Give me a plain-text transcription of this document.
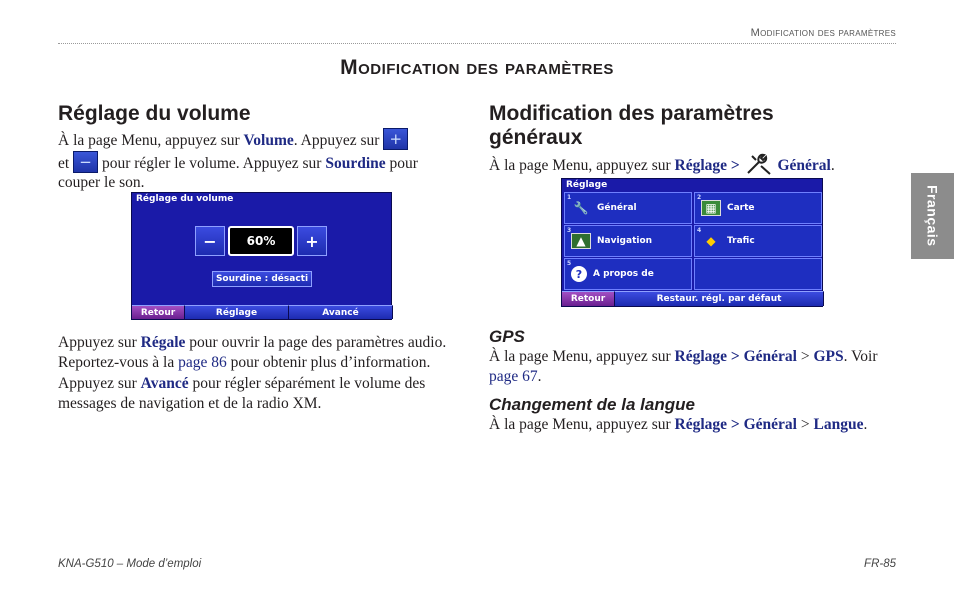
Modification des paramètres
Modification des paramètres
Français
Réglage du volume

À la page Menu, appuyez sur Volume. Appuyez sur +

et − pour régler le volume. Appuyez sur Sourdine pour couper le son.

Réglage du volume
−	60%	+
Sourdine : désacti
Retour	Réglage	Avancé

Appuyez sur Régale pour ouvrir la page des paramètres audio. Reportez-vous à la page 86 pour obtenir plus d’information.

Appuyez sur Avancé pour régler séparément le volume des messages de navigation et de la radio XM.

Modification des paramètres généraux

À la page Menu, appuyez sur Réglage > Général.

Réglage
1
🔧 Général
2
▦	Carte
3
▲	Navigation
4
◆	Trafic
5
?	A propos de
Retour	Restaur. régl. par défaut
GPS

À la page Menu, appuyez sur Réglage > Général > GPS. Voir page 67.

Changement de la langue

À la page Menu, appuyez sur Réglage > Général > Langue.

KNA-G510 – Mode d’emploi	FR-85
